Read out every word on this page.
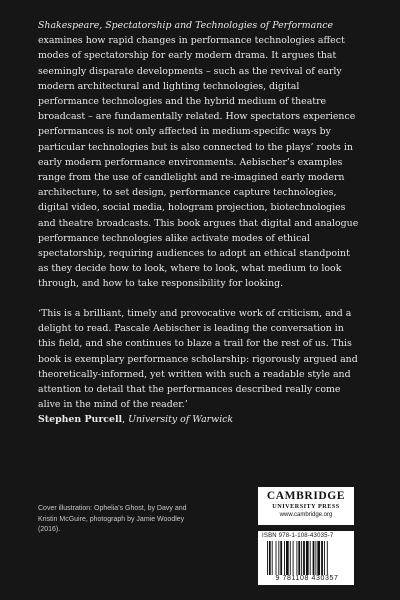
Shakespeare, Spectatorship and Technologies of Performance examines how rapid changes in performance technologies affect modes of spectatorship for early modern drama. It argues that seemingly disparate developments – such as the revival of early modern architectural and lighting technologies, digital performance technologies and the hybrid medium of theatre broadcast – are fundamentally related. How spectators experience performances is not only affected in medium-specific ways by particular technologies but is also connected to the plays’ roots in early modern performance environments. Aebischer’s examples range from the use of candlelight and re-imagined early modern architecture, to set design, performance capture technologies, digital video, social media, hologram projection, biotechnologies and theatre broadcasts. This book argues that digital and analogue performance technologies alike activate modes of ethical spectatorship, requiring audiences to adopt an ethical standpoint as they decide how to look, where to look, what medium to look through, and how to take responsibility for looking.
‘This is a brilliant, timely and provocative work of criticism, and a delight to read. Pascale Aebischer is leading the conversation in this field, and she continues to blaze a trail for the rest of us. This book is exemplary performance scholarship: rigorously argued and theoretically-informed, yet written with such a readable style and attention to detail that the performances described really come alive in the mind of the reader.’
Stephen Purcell, University of Warwick
Cover illustration: Ophelia’s Ghost, by Davy and Kristin McGuire, photograph by Jamie Woodley (2016).
CAMBRIDGE
UNIVERSITY PRESS
www.cambridge.org
ISBN 978-1-108-43035-7
9 781108 430357
